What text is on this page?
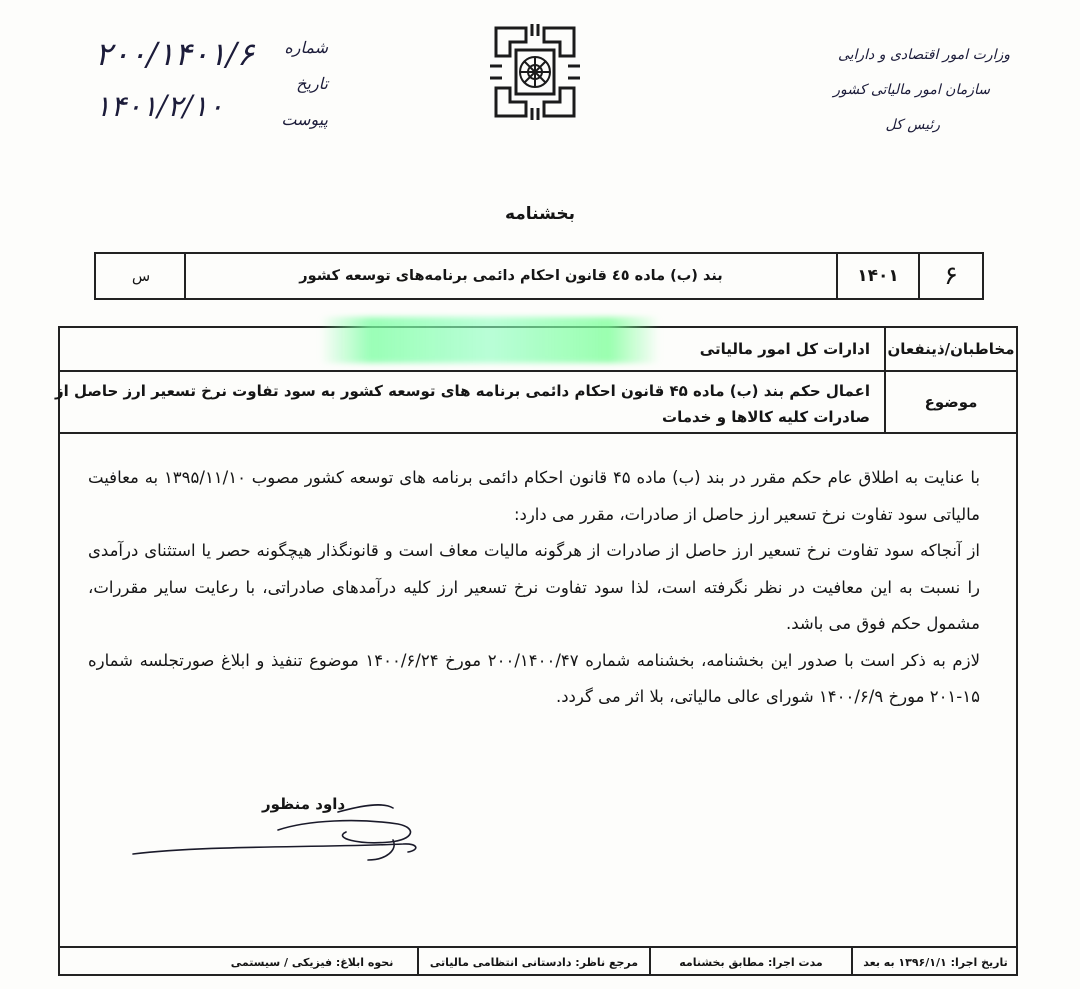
وزارت امور اقتصادی و دارایی
سازمان امور مالیاتی کشور
رئیس کل
شماره
تاریخ
پیوست
۲۰۰/۱۴۰۱/۶
۱۴۰۱/۲/۱۰
بخشنامه
۶
۱۴۰۱
بند (ب) ماده ٤٥ قانون احکام دائمی برنامه‌های توسعه کشور
س
مخاطبان/ذینفعان
ادارات کل امور مالیاتی
موضوع
اعمال حکم بند (ب) ماده ۴۵ قانون احکام دائمی برنامه های توسعه کشور به سود تفاوت نرخ تسعیر ارز حاصل از
صادرات کلیه کالاها و خدمات

با عنایت به اطلاق عام حکم مقرر در بند (ب) ماده ۴۵ قانون احکام دائمی برنامه های توسعه کشور مصوب ۱۳۹۵/۱۱/۱۰ به معافیت مالیاتی سود تفاوت نرخ تسعیر ارز حاصل از صادرات، مقرر می دارد:

از آنجاکه سود تفاوت نرخ تسعیر ارز حاصل از صادرات از هرگونه مالیات معاف است و قانونگذار هیچگونه حصر یا استثنای درآمدی را نسبت به این معافیت در نظر نگرفته است، لذا سود تفاوت نرخ تسعیر ارز کلیه درآمدهای صادراتی، با رعایت سایر مقررات، مشمول حکم فوق می باشد.

لازم به ذکر است با صدور این بخشنامه، بخشنامه شماره ۲۰۰/۱۴۰۰/۴۷ مورخ ۱۴۰۰/۶/۲۴ موضوع تنفیذ و ابلاغ صورتجلسه شماره ۱۵-۲۰۱ مورخ ۱۴۰۰/۶/۹ شورای عالی مالیاتی، بلا اثر می گردد.

داود منظور
تاریخ اجرا: ۱۳۹۶/۱/۱ به بعد
مدت اجرا: مطابق بخشنامه
مرجع ناظر: دادستانی انتظامی مالیاتی
نحوه ابلاغ: فیزیکی / سیستمی
